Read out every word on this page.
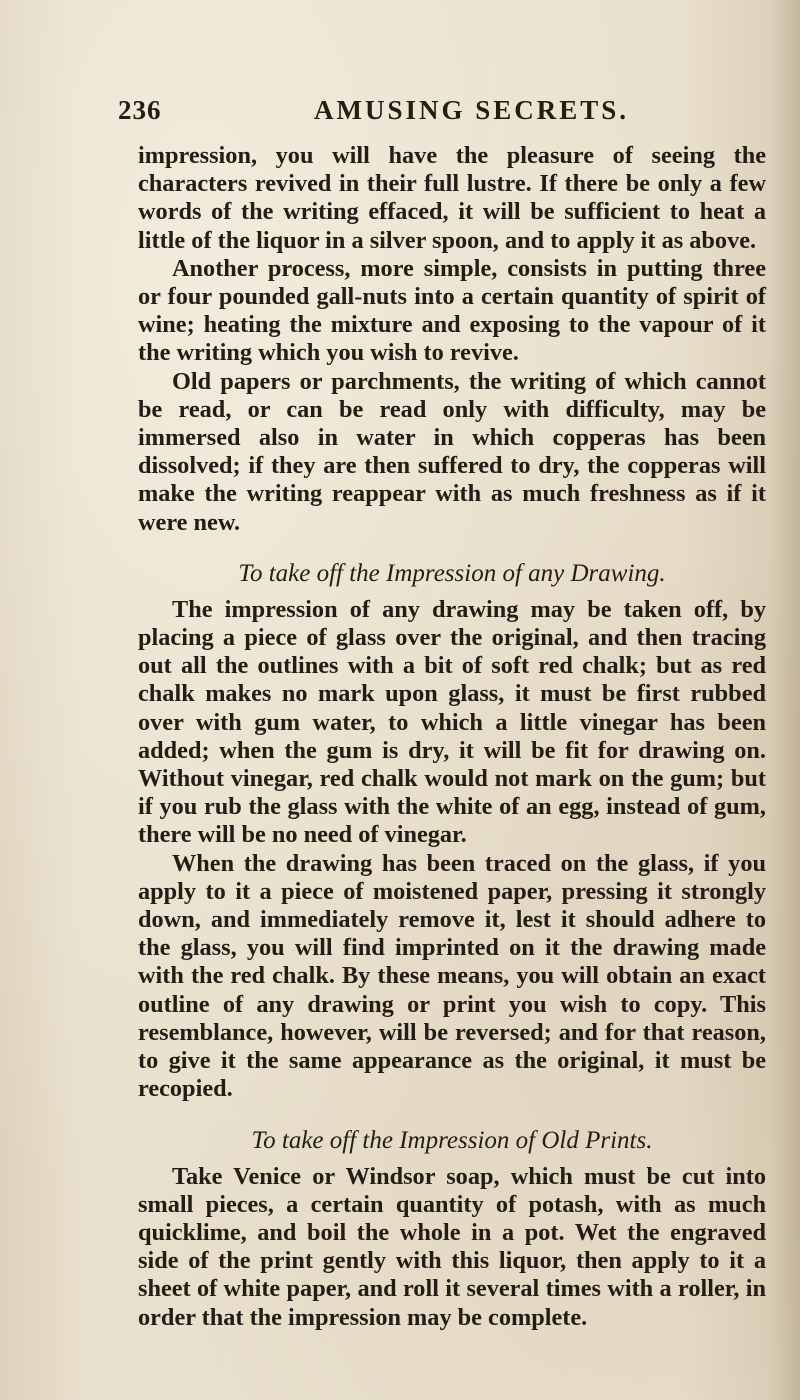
236	AMUSING SECRETS.

impression, you will have the pleasure of seeing the characters revived in their full lustre. If there be only a few words of the writing effaced, it will be sufficient to heat a little of the liquor in a silver spoon, and to apply it as above.

Another process, more simple, consists in putting three or four pounded gall-nuts into a certain quantity of spirit of wine; heating the mixture and exposing to the vapour of it the writing which you wish to revive.

Old papers or parchments, the writing of which cannot be read, or can be read only with difficulty, may be immersed also in water in which copperas has been dissolved; if they are then suffered to dry, the copperas will make the writing reappear with as much freshness as if it were new.

To take off the Impression of any Drawing.

The impression of any drawing may be taken off, by placing a piece of glass over the original, and then tracing out all the outlines with a bit of soft red chalk; but as red chalk makes no mark upon glass, it must be first rubbed over with gum water, to which a little vinegar has been added; when the gum is dry, it will be fit for drawing on. Without vinegar, red chalk would not mark on the gum; but if you rub the glass with the white of an egg, instead of gum, there will be no need of vinegar.

When the drawing has been traced on the glass, if you apply to it a piece of moistened paper, pressing it strongly down, and immediately remove it, lest it should adhere to the glass, you will find imprinted on it the drawing made with the red chalk. By these means, you will obtain an exact outline of any drawing or print you wish to copy. This resemblance, however, will be reversed; and for that reason, to give it the same appearance as the original, it must be recopied.

To take off the Impression of Old Prints.

Take Venice or Windsor soap, which must be cut into small pieces, a certain quantity of potash, with as much quicklime, and boil the whole in a pot. Wet the engraved side of the print gently with this liquor, then apply to it a sheet of white paper, and roll it several times with a roller, in order that the impression may be complete.
